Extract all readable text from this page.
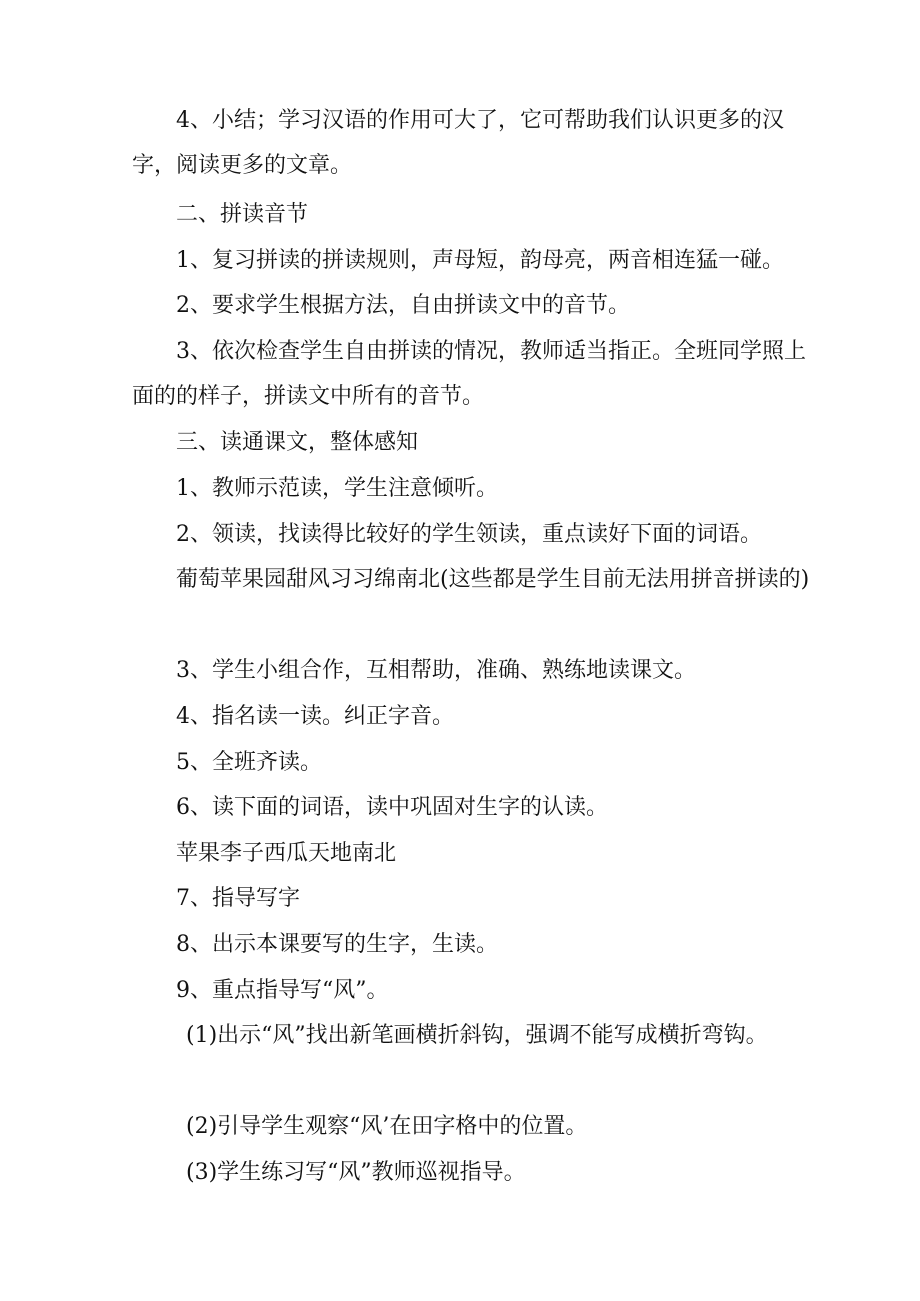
4、小结；学习汉语的作用可大了，它可帮助我们认识更多的汉字，阅读更多的文章。

二、拼读音节

1、复习拼读的拼读规则，声母短，韵母亮，两音相连猛一碰。

2、要求学生根据方法，自由拼读文中的音节。

3、依次检查学生自由拼读的情况，教师适当指正。全班同学照上面的的样子，拼读文中所有的音节。

三、读通课文，整体感知

1、教师示范读，学生注意倾听。

2、领读，找读得比较好的学生领读，重点读好下面的词语。

葡萄苹果园甜风习习绵南北(这些都是学生目前无法用拼音拼读的)

3、学生小组合作，互相帮助，准确、熟练地读课文。

4、指名读一读。纠正字音。

5、全班齐读。

6、读下面的词语，读中巩固对生字的认读。

苹果李子西瓜天地南北

7、指导写字

8、出示本课要写的生字，生读。

9、重点指导写“风”。

(1)出示“风”找出新笔画横折斜钩，强调不能写成横折弯钩。

(2)引导学生观察“风’在田字格中的位置。

(3)学生练习写“风”教师巡视指导。
